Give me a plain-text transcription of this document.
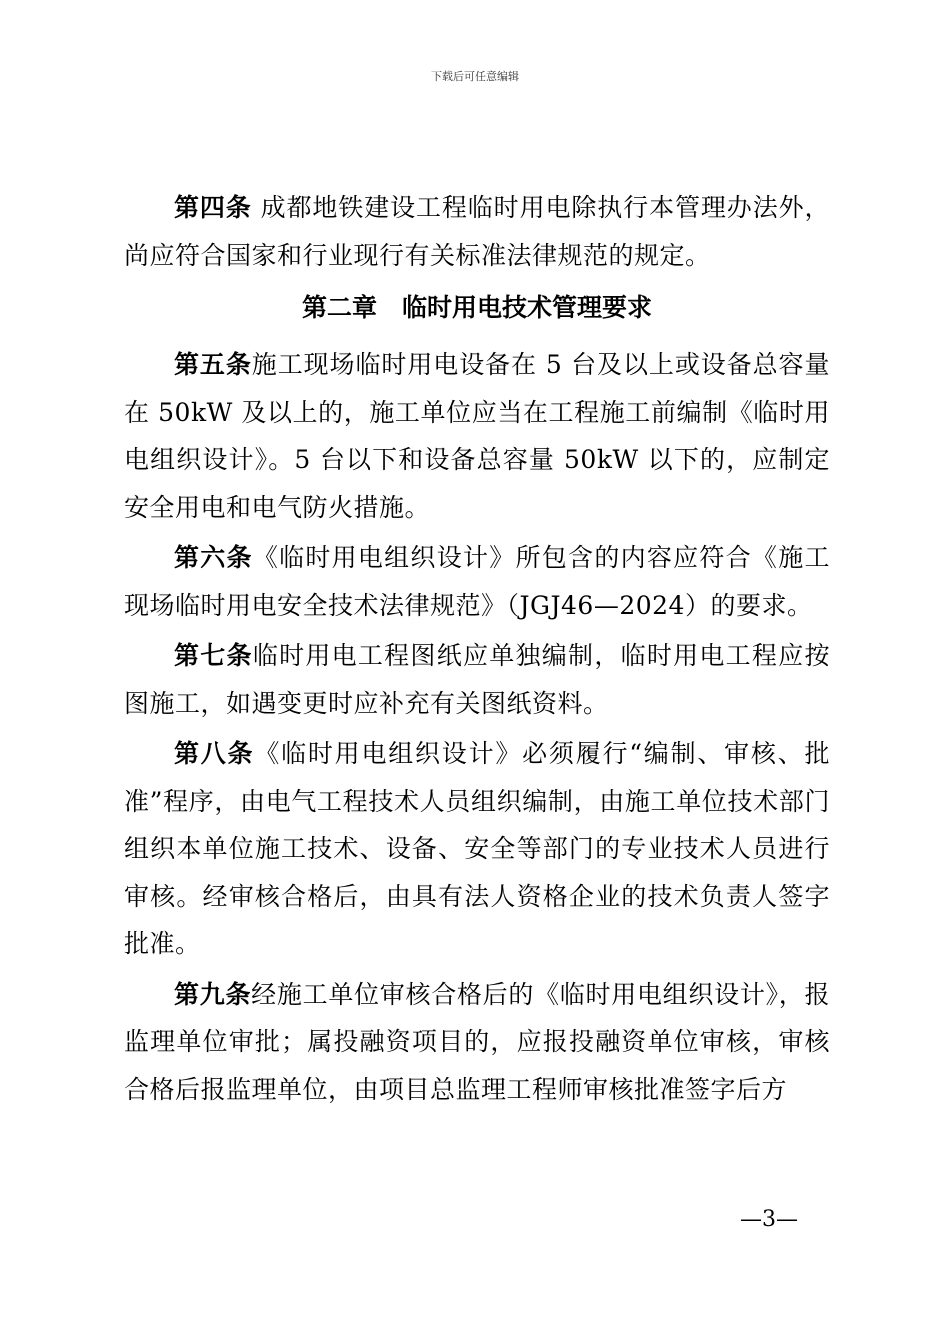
下载后可任意编辑

第四条 成都地铁建设工程临时用电除执行本管理办法外，尚应符合国家和行业现行有关标准法律规范的规定。

第二章　临时用电技术管理要求

第五条施工现场临时用电设备在 5 台及以上或设备总容量在 50kW 及以上的，施工单位应当在工程施工前编制《临时用电组织设计》。5 台以下和设备总容量 50kW 以下的，应制定安全用电和电气防火措施。

第六条《临时用电组织设计》所包含的内容应符合《施工现场临时用电安全技术法律规范》（JGJ46—2024）的要求。

第七条临时用电工程图纸应单独编制，临时用电工程应按图施工，如遇变更时应补充有关图纸资料。

第八条《临时用电组织设计》必须履行“编制、审核、批准”程序，由电气工程技术人员组织编制，由施工单位技术部门组织本单位施工技术、设备、安全等部门的专业技术人员进行审核。经审核合格后，由具有法人资格企业的技术负责人签字批准。

第九条经施工单位审核合格后的《临时用电组织设计》，报监理单位审批；属投融资项目的，应报投融资单位审核，审核合格后报监理单位，由项目总监理工程师审核批准签字后方

—3—
